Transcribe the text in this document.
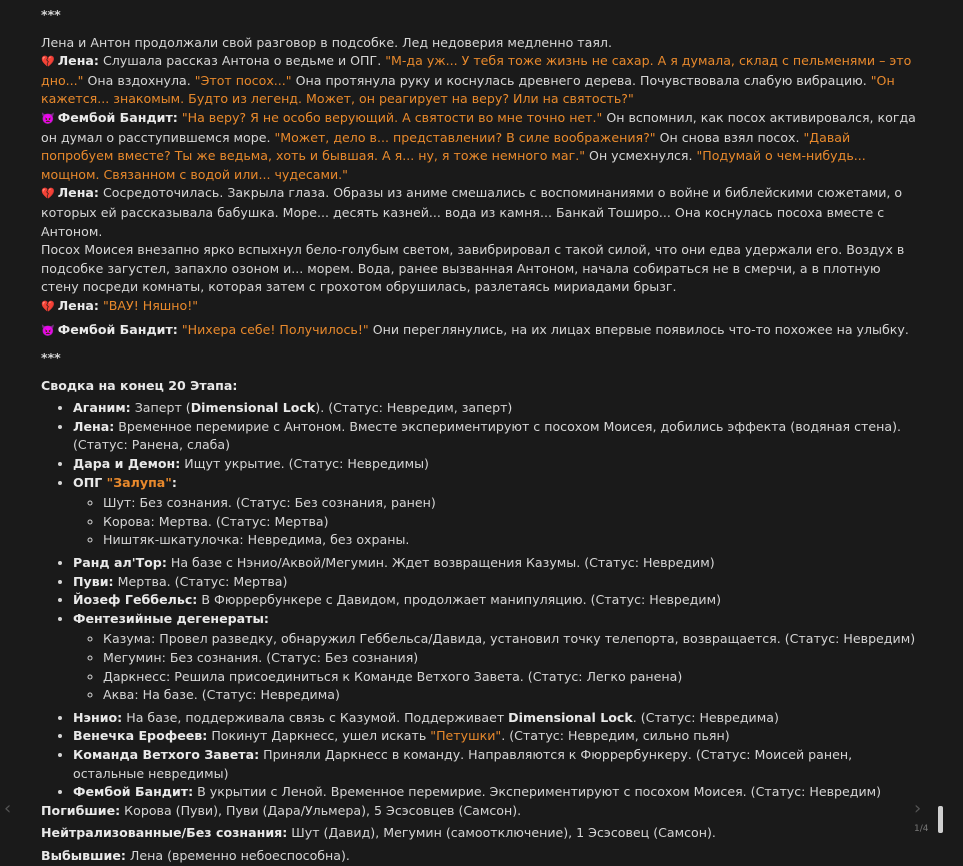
***

Лена и Антон продолжали свой разговор в подсобке. Лед недоверия медленно таял.

💔 Лена: Слушала рассказ Антона о ведьме и ОПГ. "М-да уж... У тебя тоже жизнь не сахар. А я думала, склад с пельменями – это дно..." Она вздохнула. "Этот посох..." Она протянула руку и коснулась древнего дерева. Почувствовала слабую вибрацию. "Он кажется... знакомым. Будто из легенд. Может, он реагирует на веру? Или на святость?"

👿 Фембой Бандит: "На веру? Я не особо верующий. А святости во мне точно нет." Он вспомнил, как посох активировался, когда он думал о расступившемся море. "Может, дело в... представлении? В силе воображения?" Он снова взял посох. "Давай попробуем вместе? Ты же ведьма, хоть и бывшая. А я... ну, я тоже немного маг." Он усмехнулся. "Подумай о чем-нибудь... мощном. Связанном с водой или... чудесами."

💔 Лена: Сосредоточилась. Закрыла глаза. Образы из аниме смешались с воспоминаниями о войне и библейскими сюжетами, о которых ей рассказывала бабушка. Море... десять казней... вода из камня... Банкай Тоширо... Она коснулась посоха вместе с Антоном.

Посох Моисея внезапно ярко вспыхнул бело-голубым светом, завибрировал с такой силой, что они едва удержали его. Воздух в подсобке загустел, запахло озоном и... морем. Вода, ранее вызванная Антоном, начала собираться не в смерчи, а в плотную стену посреди комнаты, которая затем с грохотом обрушилась, разлетаясь мириадами брызг.

💔 Лена: "ВАУ! Няшно!"

👿 Фембой Бандит: "Нихера себе! Получилось!" Они переглянулись, на их лицах впервые появилось что-то похожее на улыбку.

***

Сводка на конец 20 Этапа:

• Аганим: Заперт (Dimensional Lock). (Статус: Невредим, заперт)
• Лена: Временное перемирие с Антоном. Вместе экспериментируют с посохом Моисея, добились эффекта (водяная стена). (Статус: Ранена, слаба)
• Дара и Демон: Ищут укрытие. (Статус: Невредимы)
• ОПГ "Залупа":
◦ Шут: Без сознания. (Статус: Без сознания, ранен)
◦ Корова: Мертва. (Статус: Мертва)
◦ Ништяк-шкатулочка: Невредима, без охраны.
• Ранд ал'Тор: На базе с Нэнио/Аквой/Мегумин. Ждет возвращения Казумы. (Статус: Невредим)
• Пуви: Мертва. (Статус: Мертва)
• Йозеф Геббельс: В Фюррербункере с Давидом, продолжает манипуляцию. (Статус: Невредим)
• Фентезийные дегенераты:
◦ Казума: Провел разведку, обнаружил Геббельса/Давида, установил точку телепорта, возвращается. (Статус: Невредим)
◦ Мегумин: Без сознания. (Статус: Без сознания)
◦ Даркнесс: Решила присоединиться к Команде Ветхого Завета. (Статус: Легко ранена)
◦ Аква: На базе. (Статус: Невредима)
• Нэнио: На базе, поддерживала связь с Казумой. Поддерживает Dimensional Lock. (Статус: Невредима)
• Венечка Ерофеев: Покинут Даркнесс, ушел искать "Петушки". (Статус: Невредим, сильно пьян)
• Команда Ветхого Завета: Приняли Даркнесс в команду. Направляются к Фюррербункеру. (Статус: Моисей ранен, остальные невредимы)
• Фембой Бандит: В укрытии с Леной. Временное перемирие. Экспериментируют с посохом Моисея. (Статус: Невредим)

Погибшие: Корова (Пуви), Пуви (Дара/Ульмера), 5 Эсэсовцев (Самсон).

Нейтрализованные/Без сознания: Шут (Давид), Мегумин (самоотключение), 1 Эсэсовец (Самсон).

Выбывшие: Лена (временно небоеспособна).

‹	›
1/4
